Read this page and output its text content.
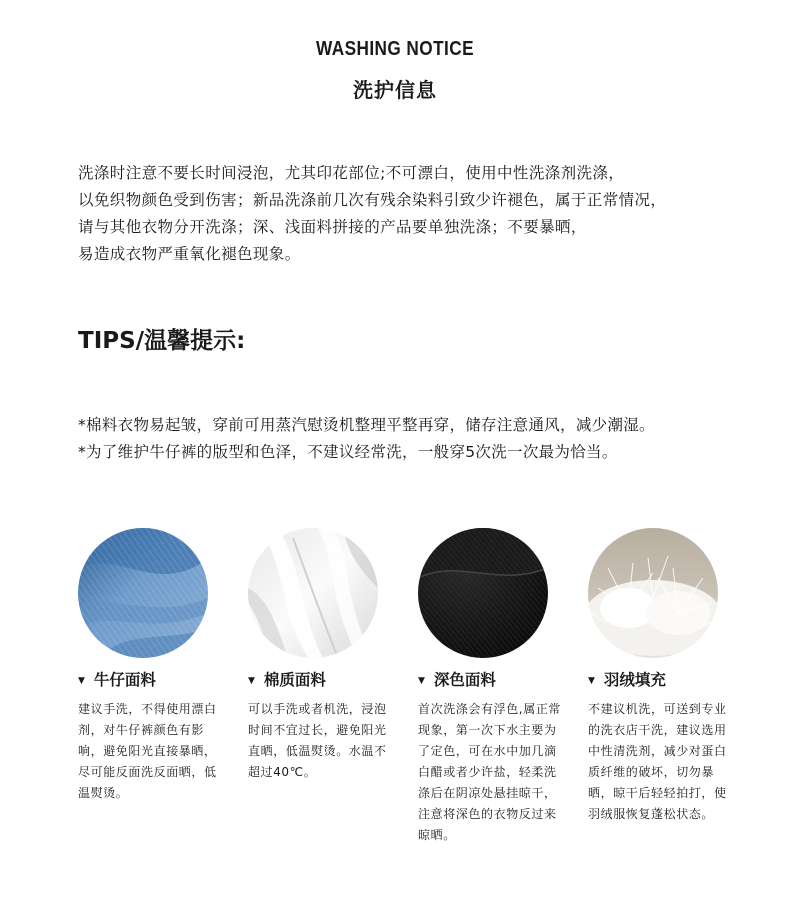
WASHING NOTICE
洗护信息

洗涤时注意不要长时间浸泡，尤其印花部位;不可漂白，使用中性洗涤剂洗涤，

以免织物颜色受到伤害；新品洗涤前几次有残余染料引致少许褪色，属于正常情况，

请与其他衣物分开洗涤；深、浅面料拼接的产品要单独洗涤；不要暴晒，

易造成衣物严重氧化褪色现象。

TIPS/温馨提示:

*棉料衣物易起皱，穿前可用蒸汽慰烫机整理平整再穿，储存注意通风，减少潮湿。

*为了维护牛仔裤的版型和色泽，不建议经常洗，一般穿5次洗一次最为恰当。

▼ 牛仔面料
建议手洗，不得使用漂白剂，对牛仔裤颜色有影响，避免阳光直接暴晒，尽可能反面洗反面晒，低温熨烫。
▼ 棉质面料
可以手洗或者机洗，浸泡时间不宜过长，避免阳光直晒，低温熨烫。水温不超过40℃。
▼ 深色面料
首次洗涤会有浮色,属正常现象，第一次下水主要为了定色，可在水中加几滴白醋或者少许盐，轻柔洗涤后在阴凉处悬挂晾干，注意将深色的衣物反过来晾晒。
▼ 羽绒填充
不建议机洗，可送到专业的洗衣店干洗，建议选用中性清洗剂，减少对蛋白质纤维的破坏，切勿暴晒，晾干后轻轻拍打，使羽绒服恢复蓬松状态。
